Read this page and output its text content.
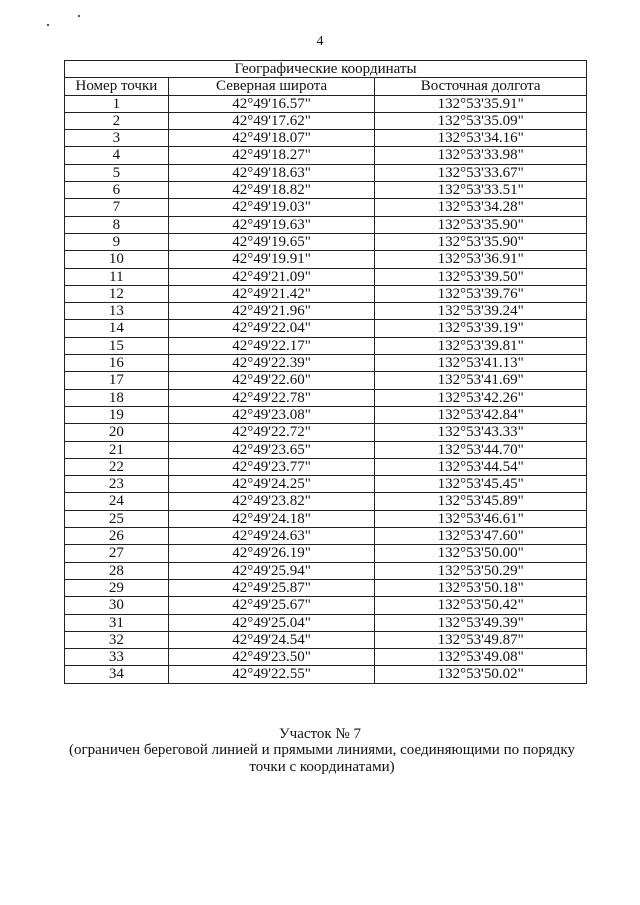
4
Географические координаты		
Номер точки	Северная широта	Восточная долгота
1	42°49'16.57"	132°53'35.91"
2	42°49'17.62"	132°53'35.09"
3	42°49'18.07"	132°53'34.16"
4	42°49'18.27"	132°53'33.98"
5	42°49'18.63"	132°53'33.67"
6	42°49'18.82"	132°53'33.51"
7	42°49'19.03"	132°53'34.28"
8	42°49'19.63"	132°53'35.90"
9	42°49'19.65"	132°53'35.90"
10	42°49'19.91"	132°53'36.91"
11	42°49'21.09"	132°53'39.50"
12	42°49'21.42"	132°53'39.76"
13	42°49'21.96"	132°53'39.24"
14	42°49'22.04"	132°53'39.19"
15	42°49'22.17"	132°53'39.81"
16	42°49'22.39"	132°53'41.13"
17	42°49'22.60"	132°53'41.69"
18	42°49'22.78"	132°53'42.26"
19	42°49'23.08"	132°53'42.84"
20	42°49'22.72"	132°53'43.33"
21	42°49'23.65"	132°53'44.70"
22	42°49'23.77"	132°53'44.54"
23	42°49'24.25"	132°53'45.45"
24	42°49'23.82"	132°53'45.89"
25	42°49'24.18"	132°53'46.61"
26	42°49'24.63"	132°53'47.60"
27	42°49'26.19"	132°53'50.00"
28	42°49'25.94"	132°53'50.29"
29	42°49'25.87"	132°53'50.18"
30	42°49'25.67"	132°53'50.42"
31	42°49'25.04"	132°53'49.39"
32	42°49'24.54"	132°53'49.87"
33	42°49'23.50"	132°53'49.08"
34	42°49'22.55"	132°53'50.02"
Участок № 7
(ограничен береговой линией и прямыми линиями, соединяющими по порядку точки с координатами)
